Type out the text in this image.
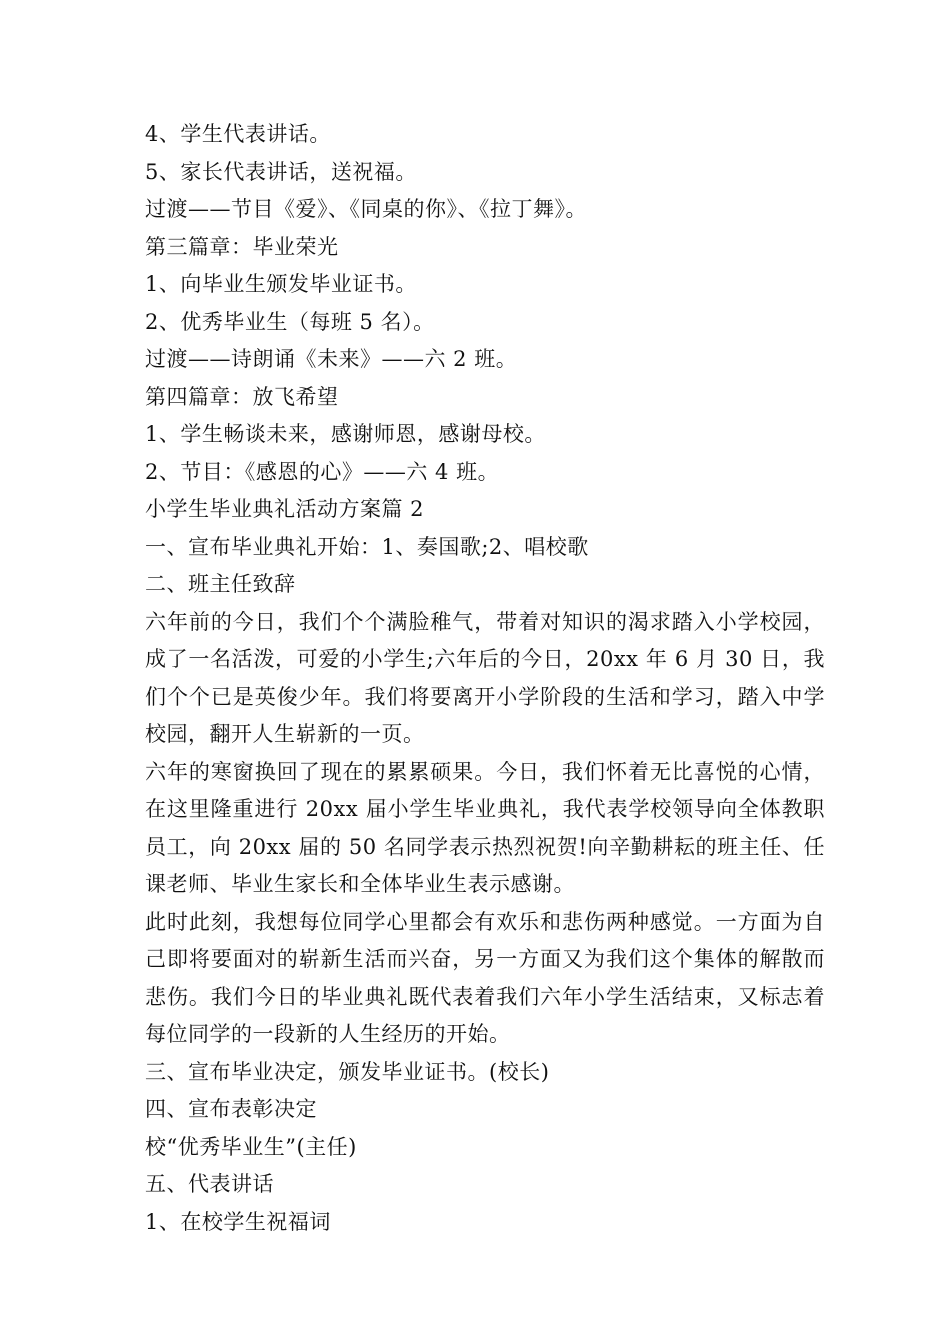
4、学生代表讲话。
5、家长代表讲话，送祝福。
过渡——节目《爱》、《同桌的你》、《拉丁舞》。
第三篇章：毕业荣光
1、向毕业生颁发毕业证书。
2、优秀毕业生（每班 5 名）。
过渡——诗朗诵《未来》——六 2 班。
第四篇章：放飞希望
1、学生畅谈未来，感谢师恩，感谢母校。
2、节目：《感恩的心》——六 4 班。
小学生毕业典礼活动方案篇 2
一、宣布毕业典礼开始：1、奏国歌;2、唱校歌
二、班主任致辞
六年前的今日，我们个个满脸稚气，带着对知识的渴求踏入小学校园，成了一名活泼，可爱的小学生;六年后的今日，20xx 年 6 月 30 日，我们个个已是英俊少年。我们将要离开小学阶段的生活和学习，踏入中学校园，翻开人生崭新的一页。
六年的寒窗换回了现在的累累硕果。今日，我们怀着无比喜悦的心情，在这里隆重进行 20xx 届小学生毕业典礼，我代表学校领导向全体教职员工，向 20xx 届的 50 名同学表示热烈祝贺!向辛勤耕耘的班主任、任课老师、毕业生家长和全体毕业生表示感谢。
此时此刻，我想每位同学心里都会有欢乐和悲伤两种感觉。一方面为自己即将要面对的崭新生活而兴奋，另一方面又为我们这个集体的解散而悲伤。我们今日的毕业典礼既代表着我们六年小学生活结束，又标志着每位同学的一段新的人生经历的开始。
三、宣布毕业决定，颁发毕业证书。(校长)
四、宣布表彰决定
校“优秀毕业生”(主任)
五、代表讲话
1、在校学生祝福词
